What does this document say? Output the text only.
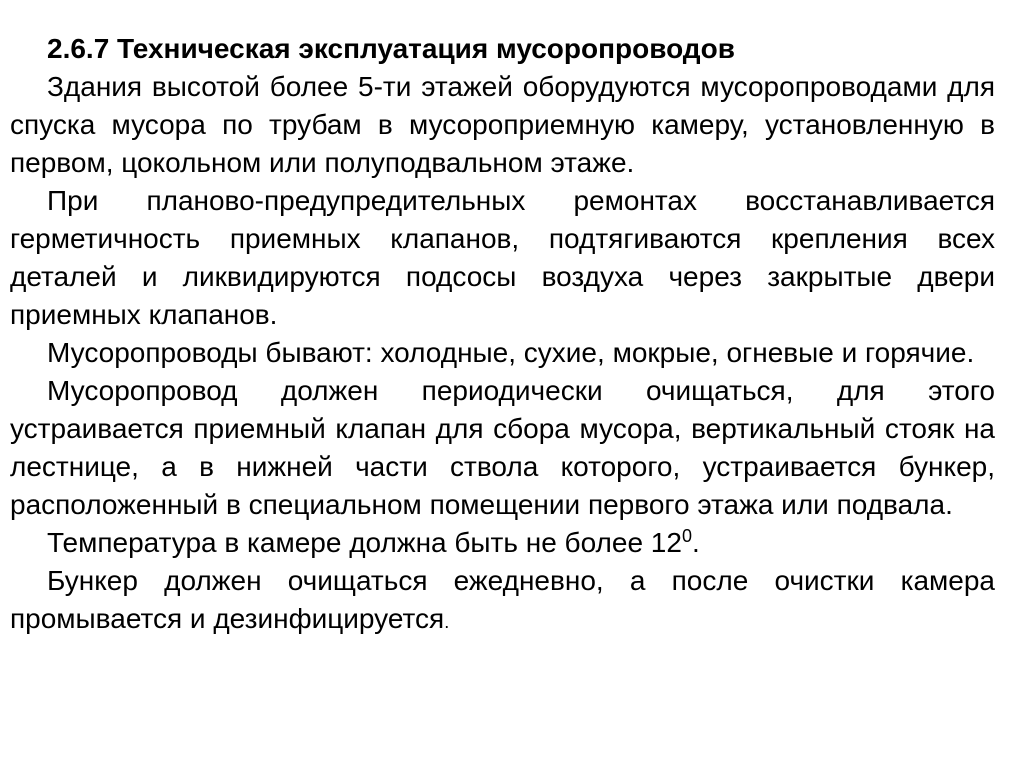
2.6.7 Техническая эксплуатация мусоропроводов

Здания высотой более 5-ти этажей оборудуются мусоропроводами для спуска мусора по трубам в мусороприемную камеру, установленную в первом, цокольном или полуподвальном этаже.

При планово-предупредительных ремонтах восстанавливается герметичность приемных клапанов, подтягиваются крепления всех деталей и ликвидируются подсосы воздуха через закрытые двери приемных клапанов.

Мусоропроводы бывают: холодные, сухие, мокрые, огневые и горячие.

Мусоропровод должен периодически очищаться, для этого устраивается приемный клапан для сбора мусора, вертикальный стояк на лестнице, а в нижней части ствола которого, устраивается бункер, расположенный в специальном помещении первого этажа или подвала.

Температура в камере должна быть не более $12^0$.

Бункер должен очищаться ежедневно, а после очистки камера промывается и дезинфицируется.
